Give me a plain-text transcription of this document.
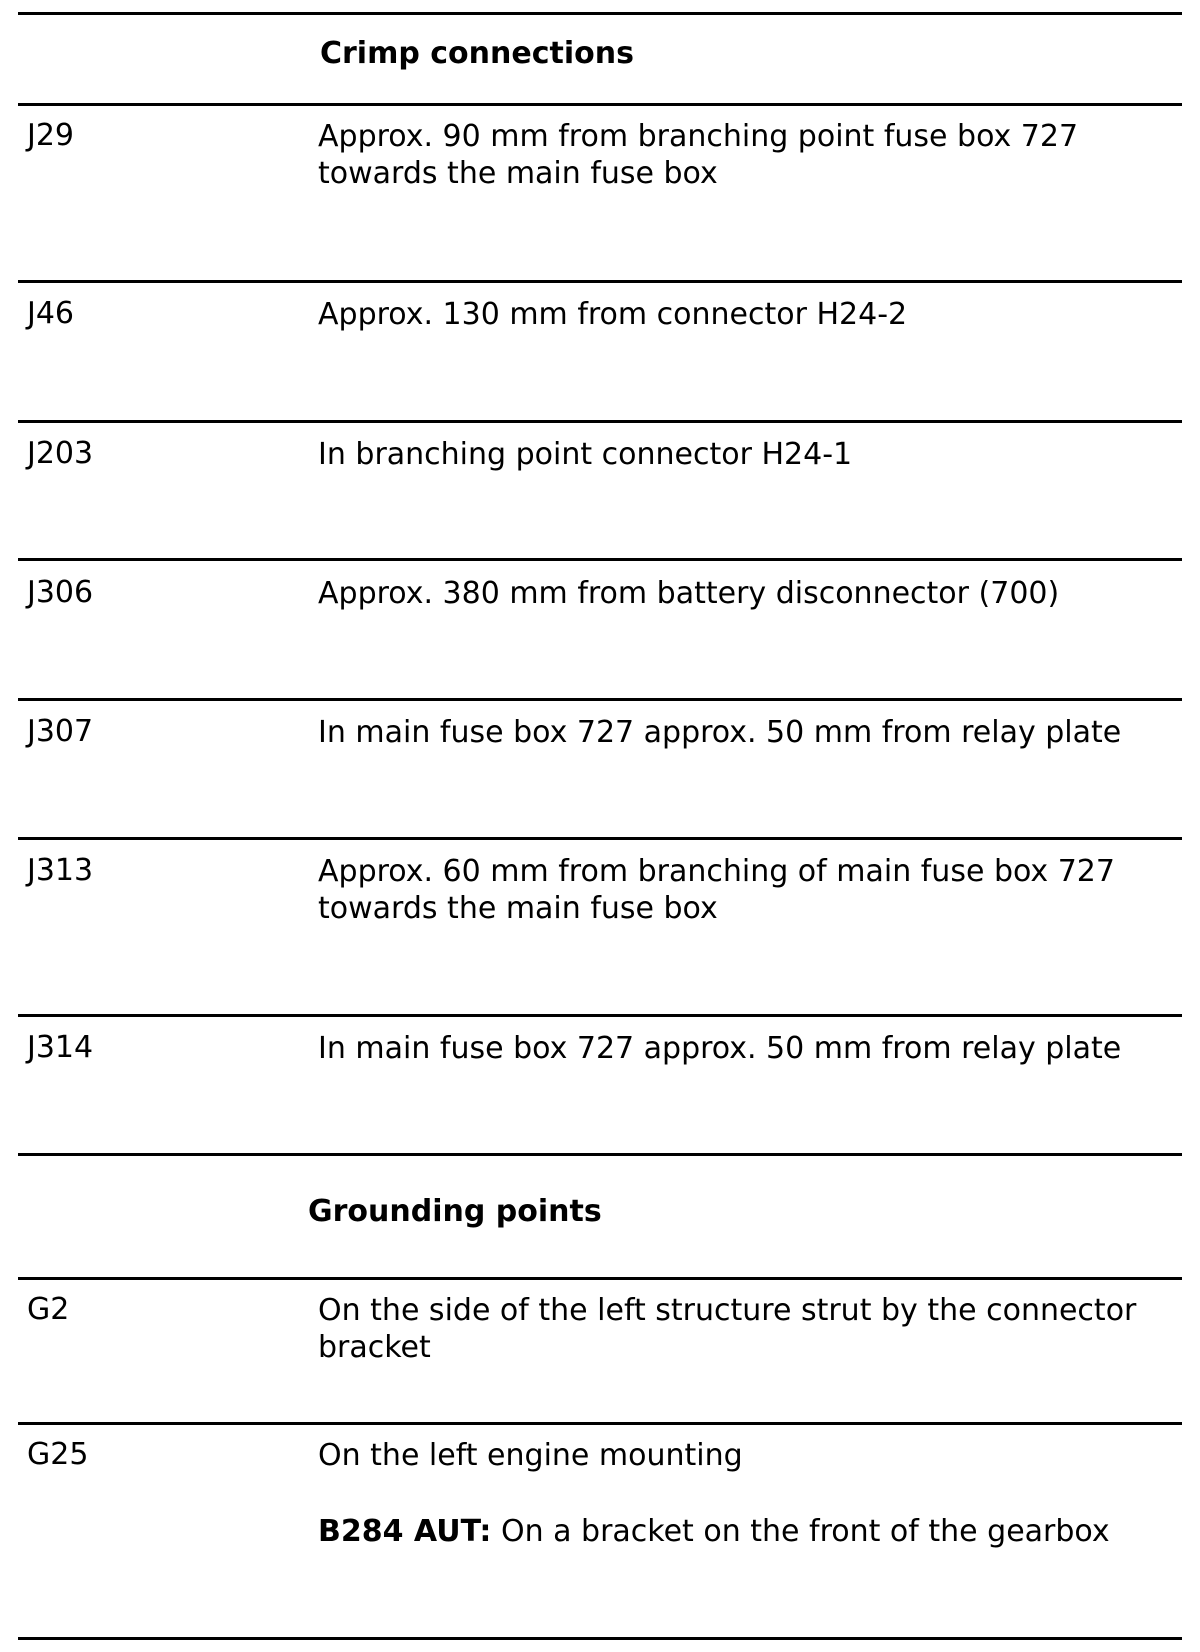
Crimp connections
J29	Approx. 90 mm from branching point fuse box 727 towards the main fuse box
J46	Approx. 130 mm from connector H24-2
J203	In branching point connector H24-1
J306	Approx. 380 mm from battery disconnector (700)
J307	In main fuse box 727 approx. 50 mm from relay plate
J313	Approx. 60 mm from branching of main fuse box 727 towards the main fuse box
J314	In main fuse box 727 approx. 50 mm from relay plate
Grounding points
G2	On the side of the left structure strut by the connector bracket
G25	On the left engine mounting
B284 AUT: On a bracket on the front of the gearbox
